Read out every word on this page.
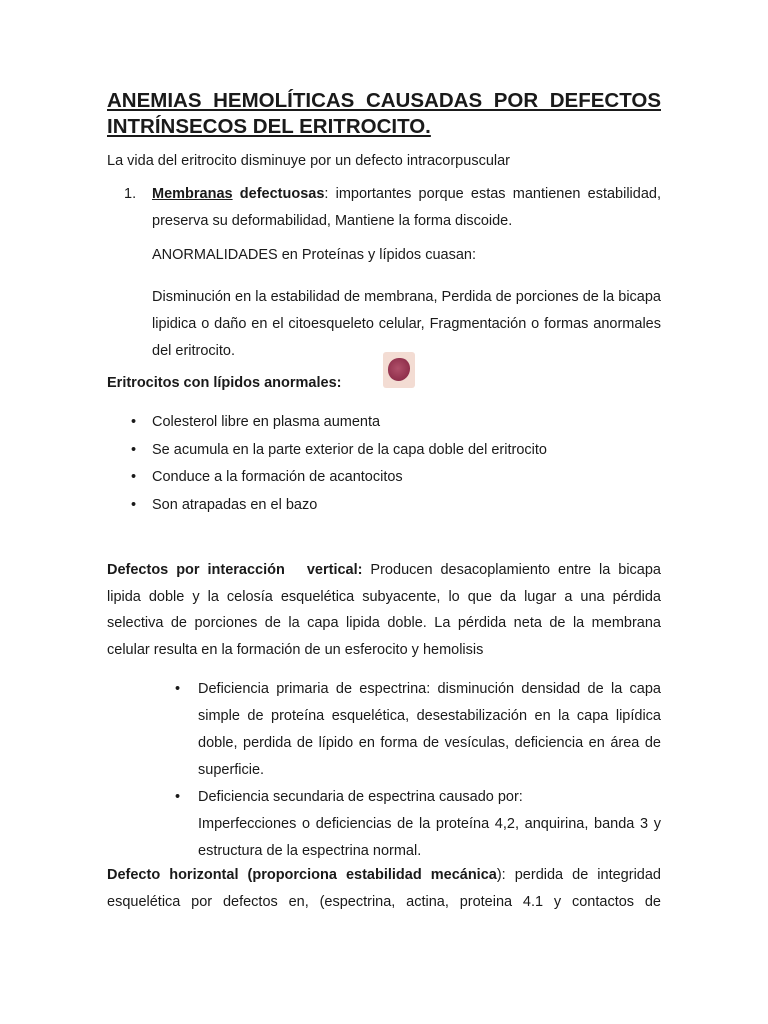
ANEMIAS HEMOLÍTICAS CAUSADAS POR DEFECTOS INTRÍNSECOS DEL ERITROCITO.

La vida del eritrocito disminuye por un defecto intracorpuscular

1. Membranas defectuosas: importantes porque estas mantienen estabilidad, preserva su deformabilidad, Mantiene la forma discoide.

ANORMALIDADES en Proteínas y lípidos cuasan:

Disminución en la estabilidad de membrana, Perdida de porciones de la bicapa lipidica o daño en el citoesqueleto celular, Fragmentación o formas anormales del eritrocito.

Eritrocitos con lípidos anormales:

• Colesterol libre en plasma aumenta
• Se acumula en la parte exterior de la capa doble del eritrocito
• Conduce a la formación de acantocitos
• Son atrapadas en el bazo

Defectos por interacción vertical: Producen desacoplamiento entre la bicapa lipida doble y la celosía esquelética subyacente, lo que da lugar a una pérdida selectiva de porciones de la capa lipida doble. La pérdida neta de la membrana celular resulta en la formación de un esferocito y hemolisis

• Deficiencia primaria de espectrina: disminución densidad de la capa simple de proteína esquelética, desestabilización en la capa lipídica doble, perdida de lípido en forma de vesículas, deficiencia en área de superficie.
• Deficiencia secundaria de espectrina causado por:
Imperfecciones o deficiencias de la proteína 4,2, anquirina, banda 3 y estructura de la espectrina normal.

Defecto horizontal (proporciona estabilidad mecánica): perdida de integridad esquelética por defectos en, (espectrina, actina, proteina 4.1 y contactos de
